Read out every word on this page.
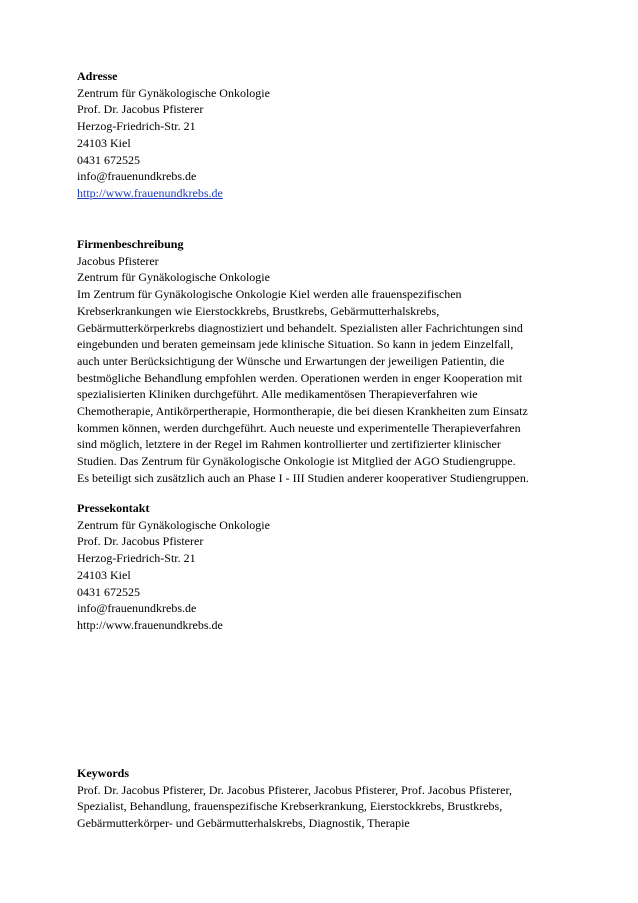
Adresse
Zentrum für Gynäkologische Onkologie
Prof. Dr. Jacobus Pfisterer
Herzog-Friedrich-Str. 21
24103 Kiel
0431 672525
info@frauenundkrebs.de
http://www.frauenundkrebs.de
Firmenbeschreibung
Jacobus Pfisterer
Zentrum für Gynäkologische Onkologie
Im Zentrum für Gynäkologische Onkologie Kiel werden alle frauenspezifischen
Krebserkrankungen wie Eierstockkrebs, Brustkrebs, Gebärmutterhalskrebs,
Gebärmutterkörperkrebs diagnostiziert und behandelt. Spezialisten aller Fachrichtungen sind
eingebunden und beraten gemeinsam jede klinische Situation. So kann in jedem Einzelfall,
auch unter Berücksichtigung der Wünsche und Erwartungen der jeweiligen Patientin, die
bestmögliche Behandlung empfohlen werden. Operationen werden in enger Kooperation mit
spezialisierten Kliniken durchgeführt. Alle medikamentösen Therapieverfahren wie
Chemotherapie, Antikörpertherapie, Hormontherapie, die bei diesen Krankheiten zum Einsatz
kommen können, werden durchgeführt. Auch neueste und experimentelle Therapieverfahren
sind möglich, letztere in der Regel im Rahmen kontrollierter und zertifizierter klinischer
Studien. Das Zentrum für Gynäkologische Onkologie ist Mitglied der AGO Studiengruppe.
Es beteiligt sich zusätzlich auch an Phase I - III Studien anderer kooperativer Studiengruppen.
Pressekontakt
Zentrum für Gynäkologische Onkologie
Prof. Dr. Jacobus Pfisterer
Herzog-Friedrich-Str. 21
24103 Kiel
0431 672525
info@frauenundkrebs.de
http://www.frauenundkrebs.de
Keywords
Prof. Dr. Jacobus Pfisterer, Dr. Jacobus Pfisterer, Jacobus Pfisterer, Prof. Jacobus Pfisterer,
Spezialist, Behandlung, frauenspezifische Krebserkrankung, Eierstockkrebs, Brustkrebs,
Gebärmutterkörper- und Gebärmutterhalskrebs, Diagnostik, Therapie
